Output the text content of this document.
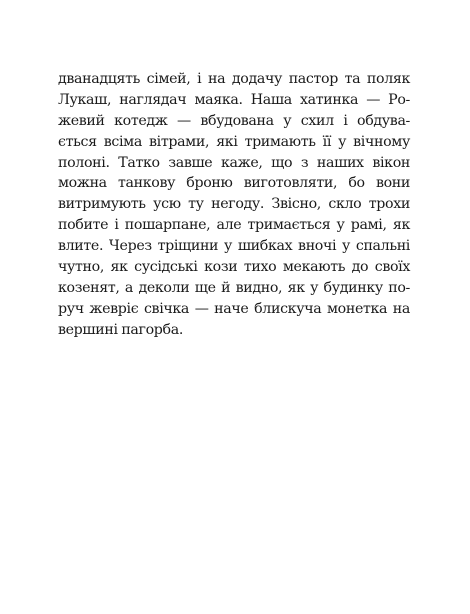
дванадцять сімей, і на додачу пастор та поляк
Лукаш, наглядач маяка. Наша хатинка — Ро-
жевий котедж — вбудована у схил і обдува-
ється всіма вітрами, які тримають її у вічному
полоні. Татко завше каже, що з наших вікон
можна танкову броню виготовляти, бо вони
витримують усю ту негоду. Звісно, скло трохи
побите і пошарпане, але тримається у рамі, як
влите. Через тріщини у шибках вночі у спальні
чутно, як сусідські кози тихо мекають до своїх
козенят, а деколи ще й видно, як у будинку по-
руч жевріє свічка — наче блискуча монетка на
вершині пагорба.
